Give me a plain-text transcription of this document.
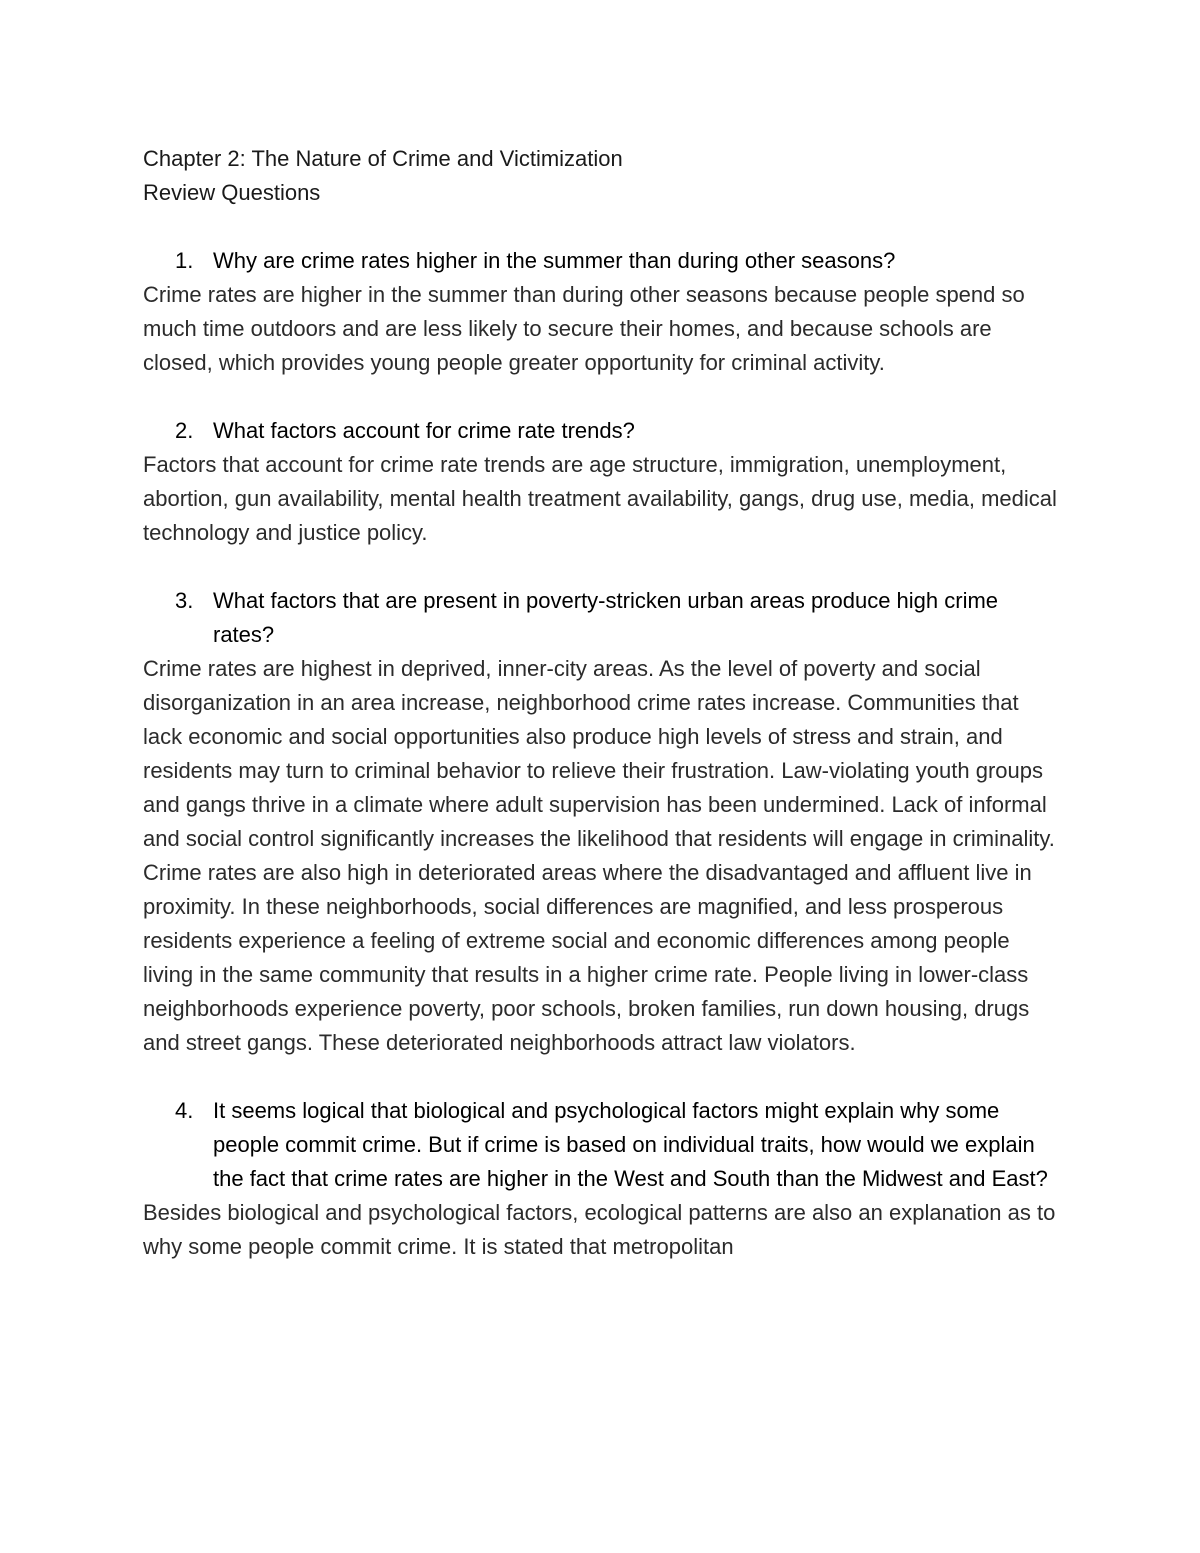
Chapter 2: The Nature of Crime and Victimization

Review Questions

1. Why are crime rates higher in the summer than during other seasons?

Crime rates are higher in the summer than during other seasons because people spend so much time outdoors and are less likely to secure their homes, and because schools are closed, which provides young people greater opportunity for criminal activity.

2. What factors account for crime rate trends?

Factors that account for crime rate trends are age structure, immigration, unemployment, abortion, gun availability, mental health treatment availability, gangs, drug use, media, medical technology and justice policy.

3. What factors that are present in poverty-stricken urban areas produce high crime rates?

Crime rates are highest in deprived, inner-city areas. As the level of poverty and social disorganization in an area increase, neighborhood crime rates increase. Communities that lack economic and social opportunities also produce high levels of stress and strain, and residents may turn to criminal behavior to relieve their frustration. Law-violating youth groups and gangs thrive in a climate where adult supervision has been undermined. Lack of informal and social control significantly increases the likelihood that residents will engage in criminality. Crime rates are also high in deteriorated areas where the disadvantaged and affluent live in proximity. In these neighborhoods, social differences are magnified, and less prosperous residents experience a feeling of extreme social and economic differences among people living in the same community that results in a higher crime rate. People living in lower-class neighborhoods experience poverty, poor schools, broken families, run down housing, drugs and street gangs. These deteriorated neighborhoods attract law violators.

4. It seems logical that biological and psychological factors might explain why some people commit crime. But if crime is based on individual traits, how would we explain the fact that crime rates are higher in the West and South than the Midwest and East?

Besides biological and psychological factors, ecological patterns are also an explanation as to why some people commit crime. It is stated that metropolitan
